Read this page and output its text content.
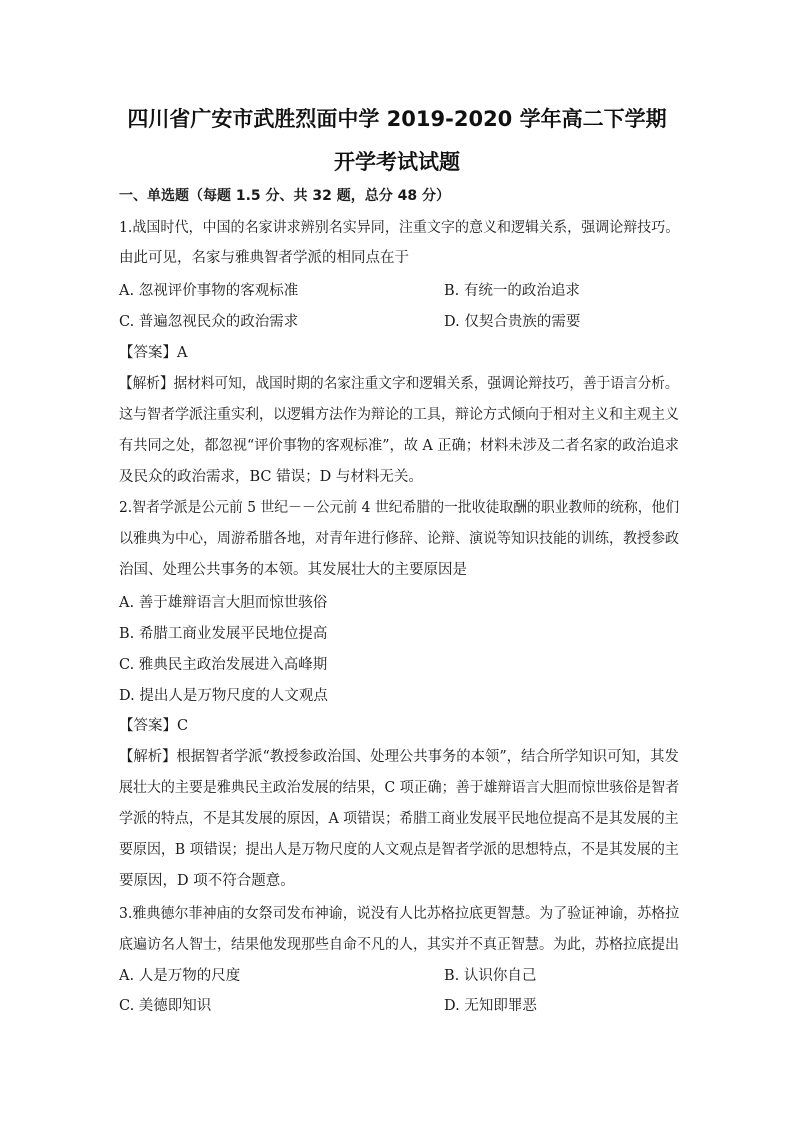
四川省广安市武胜烈面中学 2019-2020 学年高二下学期
开学考试试题
一、单选题（每题 1.5 分、共 32 题，总分 48 分）
1.战国时代，中国的名家讲求辨别名实异同，注重文字的意义和逻辑关系，强调论辩技巧。
由此可见，名家与雅典智者学派的相同点在于
A. 忽视评价事物的客观标准	B. 有统一的政治追求
C. 普遍忽视民众的政治需求	D. 仅契合贵族的需要
【答案】A
【解析】据材料可知，战国时期的名家注重文字和逻辑关系，强调论辩技巧，善于语言分析。
这与智者学派注重实利，以逻辑方法作为辩论的工具，辩论方式倾向于相对主义和主观主义
有共同之处，都忽视“评价事物的客观标准”，故 A 正确；材料未涉及二者名家的政治追求
及民众的政治需求，BC 错误；D 与材料无关。
2.智者学派是公元前 5 世纪－－公元前 4 世纪希腊的一批收徒取酬的职业教师的统称，他们
以雅典为中心，周游希腊各地，对青年进行修辞、论辩、演说等知识技能的训练，教授参政
治国、处理公共事务的本领。其发展壮大的主要原因是
A. 善于雄辩语言大胆而惊世骇俗
B. 希腊工商业发展平民地位提高
C. 雅典民主政治发展进入高峰期
D. 提出人是万物尺度的人文观点
【答案】C
【解析】根据智者学派“教授参政治国、处理公共事务的本领”，结合所学知识可知，其发
展壮大的主要是雅典民主政治发展的结果，C 项正确；善于雄辩语言大胆而惊世骇俗是智者
学派的特点，不是其发展的原因，A 项错误；希腊工商业发展平民地位提高不是其发展的主
要原因，B 项错误；提出人是万物尺度的人文观点是智者学派的思想特点，不是其发展的主
要原因，D 项不符合题意。
3.雅典德尔菲神庙的女祭司发布神谕，说没有人比苏格拉底更智慧。为了验证神谕，苏格拉
底遍访名人智士，结果他发现那些自命不凡的人，其实并不真正智慧。为此，苏格拉底提出
A. 人是万物的尺度	B. 认识你自己
C. 美德即知识	D. 无知即罪恶
